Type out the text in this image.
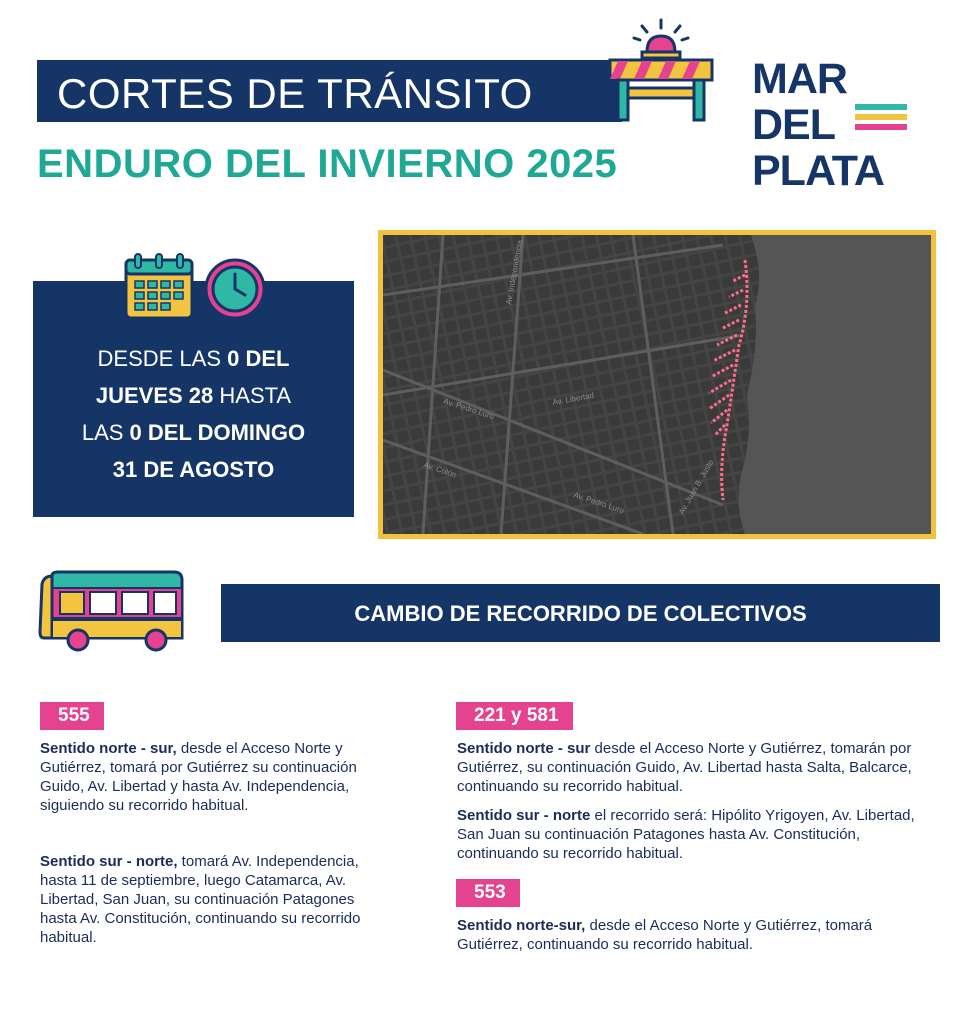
CORTES DE TRÁNSITO
ENDURO DEL INVIERNO 2025
MAR
DEL
PLATA
DESDE LAS 0 DEL
JUEVES 28 HASTA
LAS 0 DEL DOMINGO
31 DE AGOSTO
Av. Pedro Luro	Av. Libertad
Av. Colón
Av. Pedro Luro
Av. Independencia
Av. Juan B. Justo
CAMBIO DE RECORRIDO DE COLECTIVOS
555
Sentido norte - sur, desde el Acceso Norte y Gutiérrez, tomará por Gutiérrez su continuación Guido, Av. Libertad y hasta Av. Independencia, siguiendo su recorrido habitual.
Sentido sur - norte, tomará Av. Independencia, hasta 11 de septiembre, luego Catamarca, Av. Libertad, San Juan, su continuación Patagones hasta Av. Constitución, continuando su recorrido habitual.
221 y 581
Sentido norte - sur desde el Acceso Norte y Gutiérrez, tomarán por Gutiérrez, su continuación Guido, Av. Libertad hasta Salta, Balcarce, continuando su recorrido habitual.
Sentido sur - norte el recorrido será: Hipólito Yrigoyen, Av. Libertad, San Juan su continuación Patagones hasta Av. Constitución, continuando su recorrido habitual.
553
Sentido norte-sur, desde el Acceso Norte y Gutiérrez, tomará Gutiérrez, continuando su recorrido habitual.
